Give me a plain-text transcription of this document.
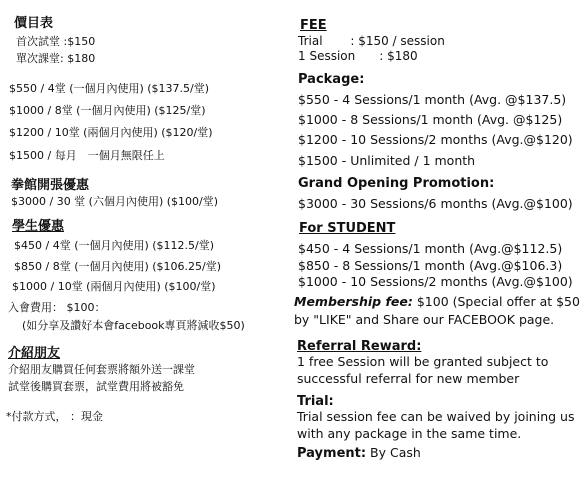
價目表
首次試堂 :$150
單次課堂: $180
$550 / 4堂 (一個月內使用) ($137.5/堂)
$1000 / 8堂 (一個月內使用) ($125/堂)
$1200 / 10堂 (兩個月內使用) ($120/堂)
$1500 / 每月　一個月無限任上
拳館開張優惠
$3000 / 30 堂 (六個月內使用) ($100/堂)
學生優惠
$450 / 4堂 (一個月內使用) ($112.5/堂)
$850 / 8堂 (一個月內使用) ($106.25/堂)
$1000 / 10堂 (兩個月內使用) ($100/堂)
入會費用： $100：
(如分享及讚好本會facebook專頁將減收$50)
介紹朋友
介紹朋友購買任何套票將額外送一課堂
試堂後購買套票，試堂費用將被豁免
*付款方式， ：現金
FEE
Trial　　 : $150 / session
1 Session　　: $180
Package:
$550 - 4 Sessions/1 month (Avg. @$137.5)
$1000 - 8 Sessions/1 month (Avg. @$125)
$1200 - 10 Sessions/2 months (Avg.@$120)
$1500 - Unlimited / 1 month
Grand Opening Promotion:
$3000 - 30 Sessions/6 months (Avg.@$100)
For STUDENT
$450 - 4 Sessions/1 month (Avg.@$112.5)
$850 - 8 Sessions/1 month (Avg.@$106.3)
$1000 - 10 Sessions/2 months (Avg.@$100)
Membership fee: $100 (Special offer at $50
by "LIKE" and Share our FACEBOOK page.
Referral Reward:
1 free Session will be granted subject to
successful referral for new member
Trial:
Trial session fee can be waived by joining us
with any package in the same time.
Payment: By Cash
